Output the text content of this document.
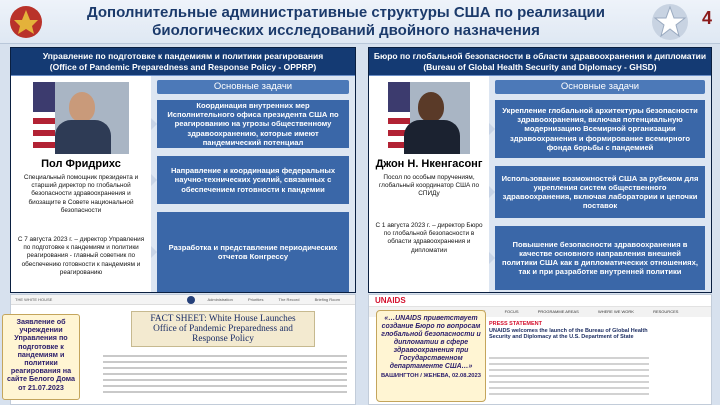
Дополнительные административные структуры США по реализации
биологических исследований двойного назначения
4
Управление по подготовке к пандемиям и политики реагирования
(Office of Pandemic Preparedness and Response Policy - OPPRP)
Пол Фридрихс
Специальный помощник президента и старший директор по глобальной безопасности здравоохранения и биозащите в Совете национальной безопасности
С 7 августа 2023 г. – директор Управления по подготовке к пандемиям и политики реагирования - главный советник по обеспечению готовности к пандемиям и реагированию
Основные задачи
Координация внутренних мер Исполнительного офиса президента США по реагированию на угрозы общественному здравоохранению, которые имеют пандемический потенциал
Направление и координация федеральных научно-технических усилий, связанных с обеспечением готовности к пандемии
Разработка и представление периодических отчетов Конгрессу
Бюро по глобальной безопасности в области здравоохранения и дипломатии
(Bureau of Global Health Security and Diplomacy - GHSD)
Джон Н. Нкенгасонг
Посол по особым поручениям, глобальный координатор США по СПИДу
С 1 августа 2023 г. – директор Бюро по глобальной безопасности в области здравоохранения и дипломатии
Основные задачи
Укрепление глобальной архитектуры безопасности здравоохранения, включая потенциальную модернизацию Всемирной организации здравоохранения и формирование всемирного фонда борьбы с пандемией
Использование возможностей США за рубежом для укрепления систем общественного здравоохранения, включая лаборатории и цепочки поставок
Повышение безопасности здравоохранения в качестве основного направления внешней политики США как в дипломатических отношениях, так и при разработке внутренней политики
THE WHITE HOUSE	Administration	Priorities	The Record	Briefing Room
FACT SHEET: White House Launches
Office of Pandemic Preparedness and
Response Policy
Заявление об учреждении Управления по подготовке к пандемиям и политики реагирования на сайте Белого Дома от 21.07.2023
UNAIDS
FOCUS	PROGRAMME AREAS	WHERE WE WORK	RESOURCES
PRESS STATEMENT
UNAIDS welcomes the launch of the Bureau of Global Health Security and Diplomacy at the U.S. Department of State
«…UNAIDS приветствует создание Бюро по вопросам глобальной безопасности и дипломатии в сфере здравоохранения при Государственном департаменте США…»
ВАШИНГТОН / ЖЕНЕВА, 02.08.2023
